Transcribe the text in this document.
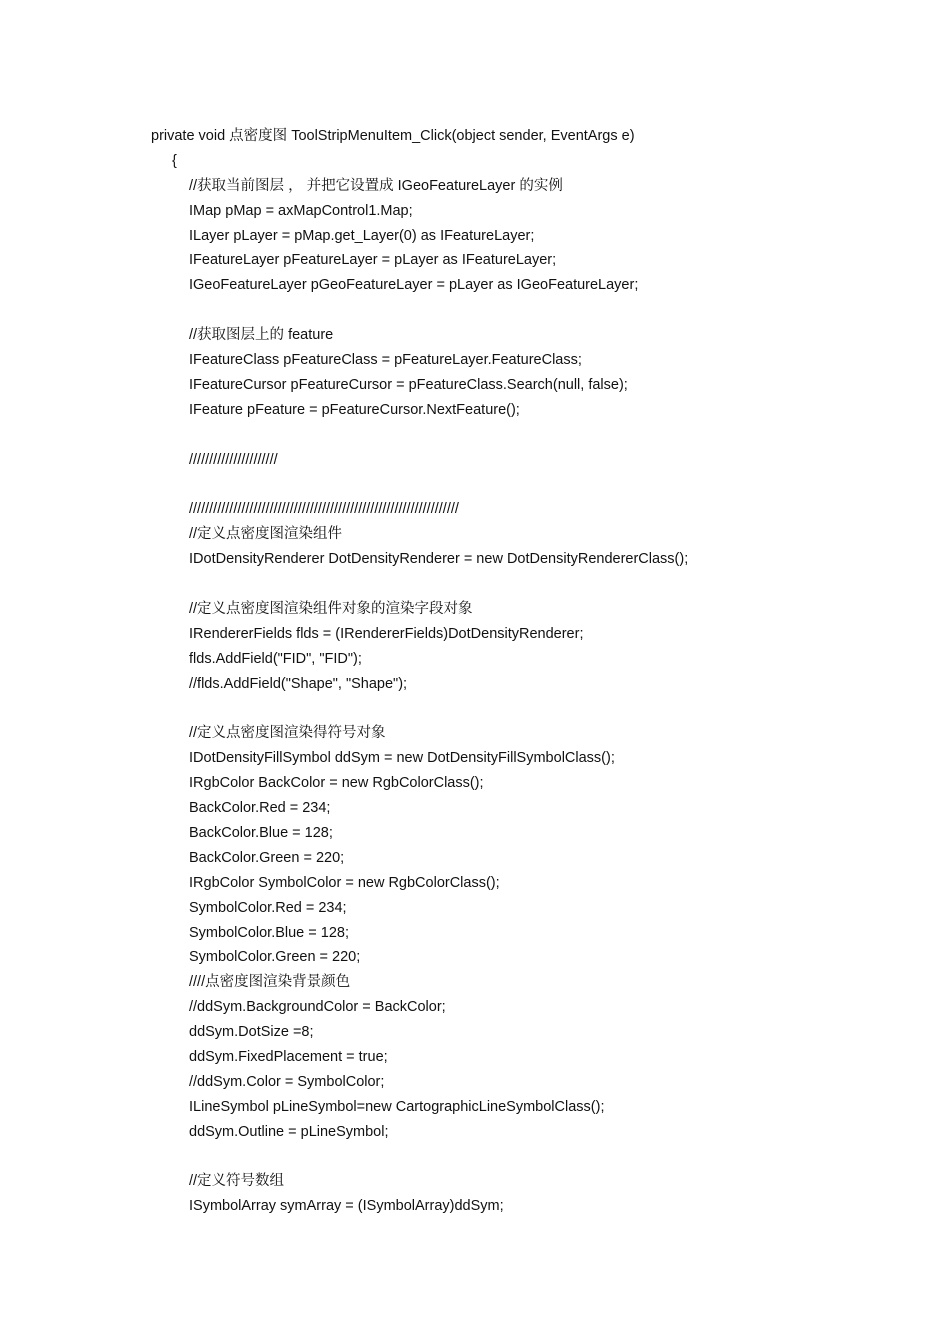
private void 点密度图 ToolStripMenuItem_Click(object sender, EventArgs e)
{
//获取当前图层 ， 并把它设置成 IGeoFeatureLayer 的实例
IMap pMap = axMapControl1.Map;
ILayer pLayer = pMap.get_Layer(0) as IFeatureLayer;
IFeatureLayer pFeatureLayer = pLayer as IFeatureLayer;
IGeoFeatureLayer pGeoFeatureLayer = pLayer as IGeoFeatureLayer;
//获取图层上的 feature
IFeatureClass pFeatureClass = pFeatureLayer.FeatureClass;
IFeatureCursor pFeatureCursor = pFeatureClass.Search(null, false);
IFeature pFeature = pFeatureCursor.NextFeature();
//////////////////////
///////////////////////////////////////////////////////////////////
//定义点密度图渲染组件
IDotDensityRenderer DotDensityRenderer = new DotDensityRendererClass();
//定义点密度图渲染组件对象的渲染字段对象
IRendererFields flds = (IRendererFields)DotDensityRenderer;
flds.AddField("FID", "FID");
//flds.AddField("Shape", "Shape");
//定义点密度图渲染得符号对象
IDotDensityFillSymbol ddSym = new DotDensityFillSymbolClass();
IRgbColor BackColor = new RgbColorClass();
BackColor.Red = 234;
BackColor.Blue = 128;
BackColor.Green = 220;
IRgbColor SymbolColor = new RgbColorClass();
SymbolColor.Red = 234;
SymbolColor.Blue = 128;
SymbolColor.Green = 220;
////点密度图渲染背景颜色
//ddSym.BackgroundColor = BackColor;
ddSym.DotSize =8;
ddSym.FixedPlacement = true;
//ddSym.Color = SymbolColor;
ILineSymbol pLineSymbol=new CartographicLineSymbolClass();
ddSym.Outline = pLineSymbol;
//定义符号数组
ISymbolArray symArray = (ISymbolArray)ddSym;
